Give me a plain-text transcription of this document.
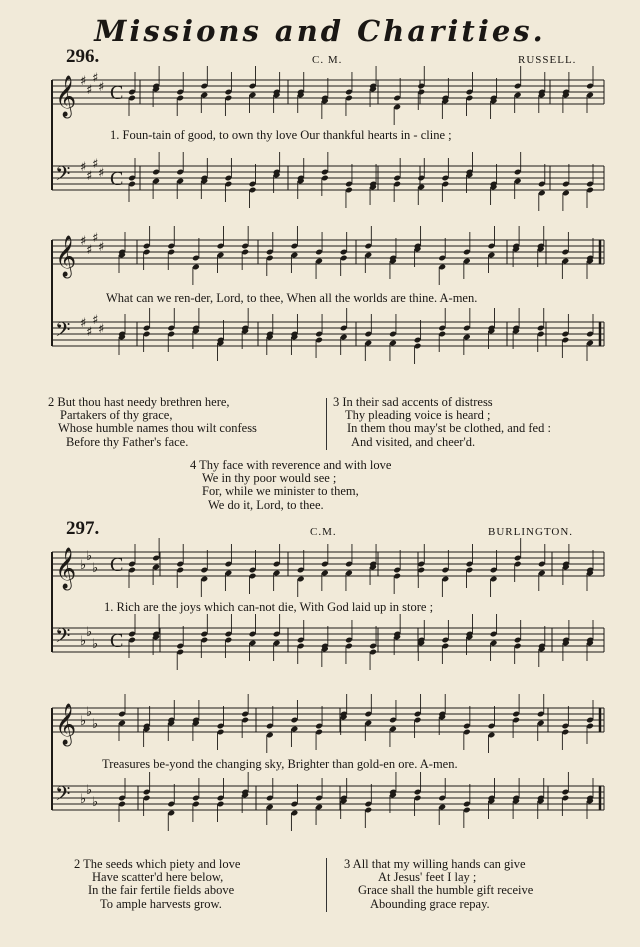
Missions and Charities.
296.	C. M.	RUSSELL.
297.	C.M.	BURLINGTON.
𝄞 ♯
♯
♯
♯ C
𝄢 ♯
♯
♯
♯ C
𝄞 ♯
♯
♯
♯
𝄢 ♯
♯
♯
♯
𝄞 ♭
♭
♭ C
𝄢 ♭
♭
♭ C
𝄞 ♭
♭
♭
𝄢 ♭
♭
♭
1. Foun-tain of good, to own thy love Our thankful hearts in - cline ;
What can we ren-der, Lord, to thee, When all the worlds are thine. A-men.
1. Rich are the joys which can-not die, With God laid up in store ;
Treasures be-yond the changing sky, Brighter than gold-en ore. A-men.
2 But thou hast needy brethren here,
Partakers of thy grace,
Whose humble names thou wilt confess
Before thy Father's face.
3 In their sad accents of distress
Thy pleading voice is heard ;
In them thou may'st be clothed, and fed :
And visited, and cheer'd.
4 Thy face with reverence and with love
We in thy poor would see ;
For, while we minister to them,
We do it, Lord, to thee.
2 The seeds which piety and love
Have scatter'd here below,
In the fair fertile fields above
To ample harvests grow.
3 All that my willing hands can give
At Jesus' feet I lay ;
Grace shall the humble gift receive
Abounding grace repay.
